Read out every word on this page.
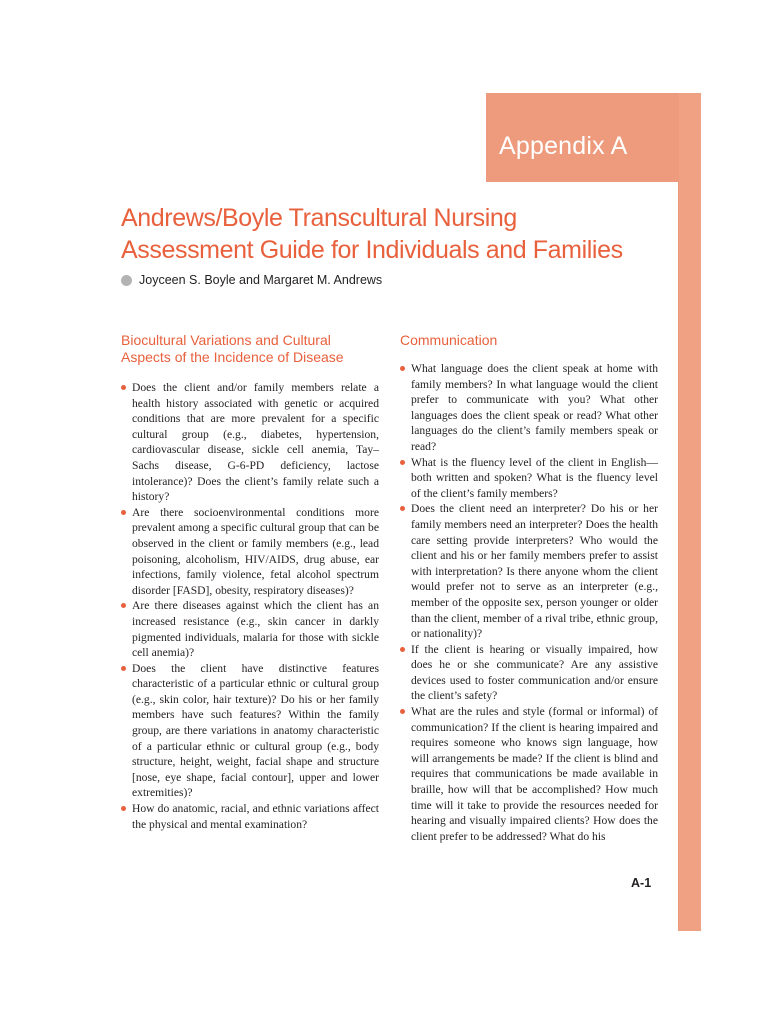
Appendix A
Andrews/Boyle Transcultural Nursing
Assessment Guide for Individuals and Families
Joyceen S. Boyle and Margaret M. Andrews
Biocultural Variations and Cultural
Aspects of the Incidence of Disease
Does the client and/or family members relate a health history associated with genetic or acquired conditions that are more prevalent for a specific cultural group (e.g., diabetes, hypertension, cardiovascular disease, sickle cell anemia, Tay–Sachs disease, G-6-PD deficiency, lactose intolerance)? Does the client’s family relate such a history?
Are there socioenvironmental conditions more prevalent among a specific cultural group that can be observed in the client or family members (e.g., lead poisoning, alcoholism, HIV/AIDS, drug abuse, ear infections, family violence, fetal alcohol spectrum disorder [FASD], obesity, respiratory diseases)?
Are there diseases against which the client has an increased resistance (e.g., skin cancer in darkly pigmented individuals, malaria for those with sickle cell anemia)?
Does the client have distinctive features characteristic of a particular ethnic or cultural group (e.g., skin color, hair texture)? Do his or her family members have such features? Within the family group, are there variations in anatomy characteristic of a particular ethnic or cultural group (e.g., body structure, height, weight, facial shape and structure [nose, eye shape, facial contour], upper and lower extremities)?
How do anatomic, racial, and ethnic variations affect the physical and mental examination?
Communication
What language does the client speak at home with family members? In what language would the client prefer to communicate with you? What other languages does the client speak or read? What other languages do the client’s family members speak or read?
What is the fluency level of the client in English—both written and spoken? What is the fluency level of the client’s family members?
Does the client need an interpreter? Do his or her family members need an interpreter? Does the health care setting provide interpreters? Who would the client and his or her family members prefer to assist with interpretation? Is there anyone whom the client would prefer not to serve as an interpreter (e.g., member of the opposite sex, person younger or older than the client, member of a rival tribe, ethnic group, or nationality)?
If the client is hearing or visually impaired, how does he or she communicate? Are any assistive devices used to foster communication and/or ensure the client’s safety?
What are the rules and style (formal or informal) of communication? If the client is hearing impaired and requires someone who knows sign language, how will arrangements be made? If the client is blind and requires that communications be made available in braille, how will that be accomplished? How much time will it take to provide the resources needed for hearing and visually impaired clients? How does the client prefer to be addressed? What do his
A-1
